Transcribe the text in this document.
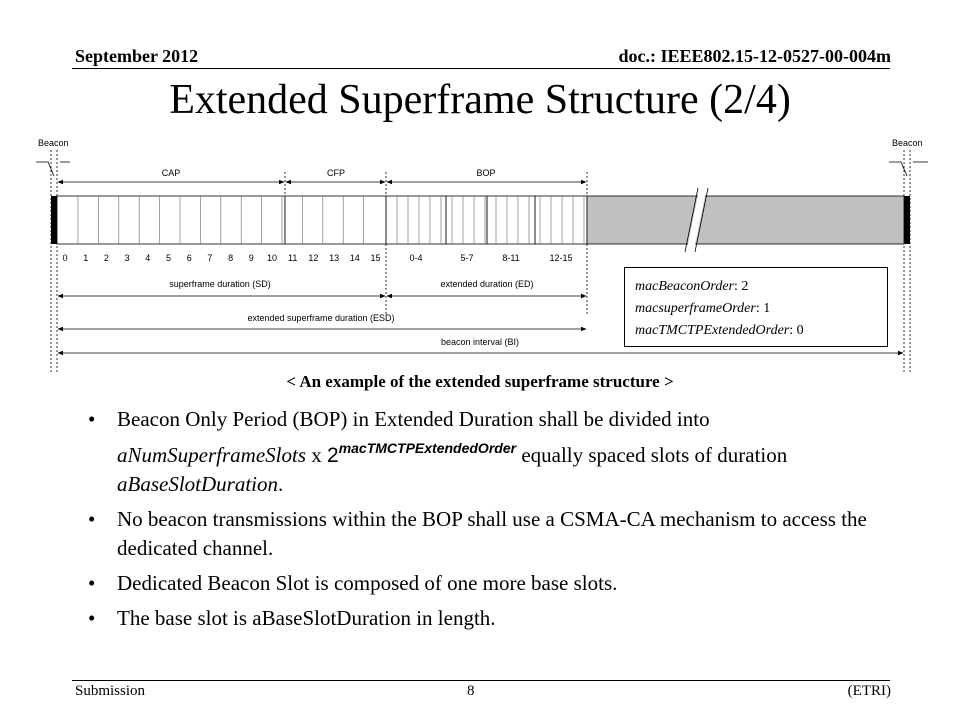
September 2012	doc.: IEEE802.15-12-0527-00-004m
Extended Superframe Structure (2/4)
Beacon	Beacon
CAP	CFP	BOP
0 1 2 3 4 5 6 7 8 9 10 11 12 13 14 15	0-4	5-7	8-11	12-15
superframe duration (SD)	extended duration (ED)
extended superframe duration (ESD)
beacon interval (BI)
macBeaconOrder: 2
macsuperframeOrder: 1
macTMCTPExtendedOrder: 0
< An example of the extended superframe structure >
• Beacon Only Period (BOP) in Extended Duration shall be divided into aNumSuperframeSlots x $2^{macTMCTPExtendedOrder}$ equally spaced slots of duration aBaseSlotDuration.
• No beacon transmissions within the BOP shall use a CSMA-CA mechanism to access the dedicated channel.
• Dedicated Beacon Slot is composed of one more base slots.
• The base slot is aBaseSlotDuration in length.
Submission	8	(ETRI)
